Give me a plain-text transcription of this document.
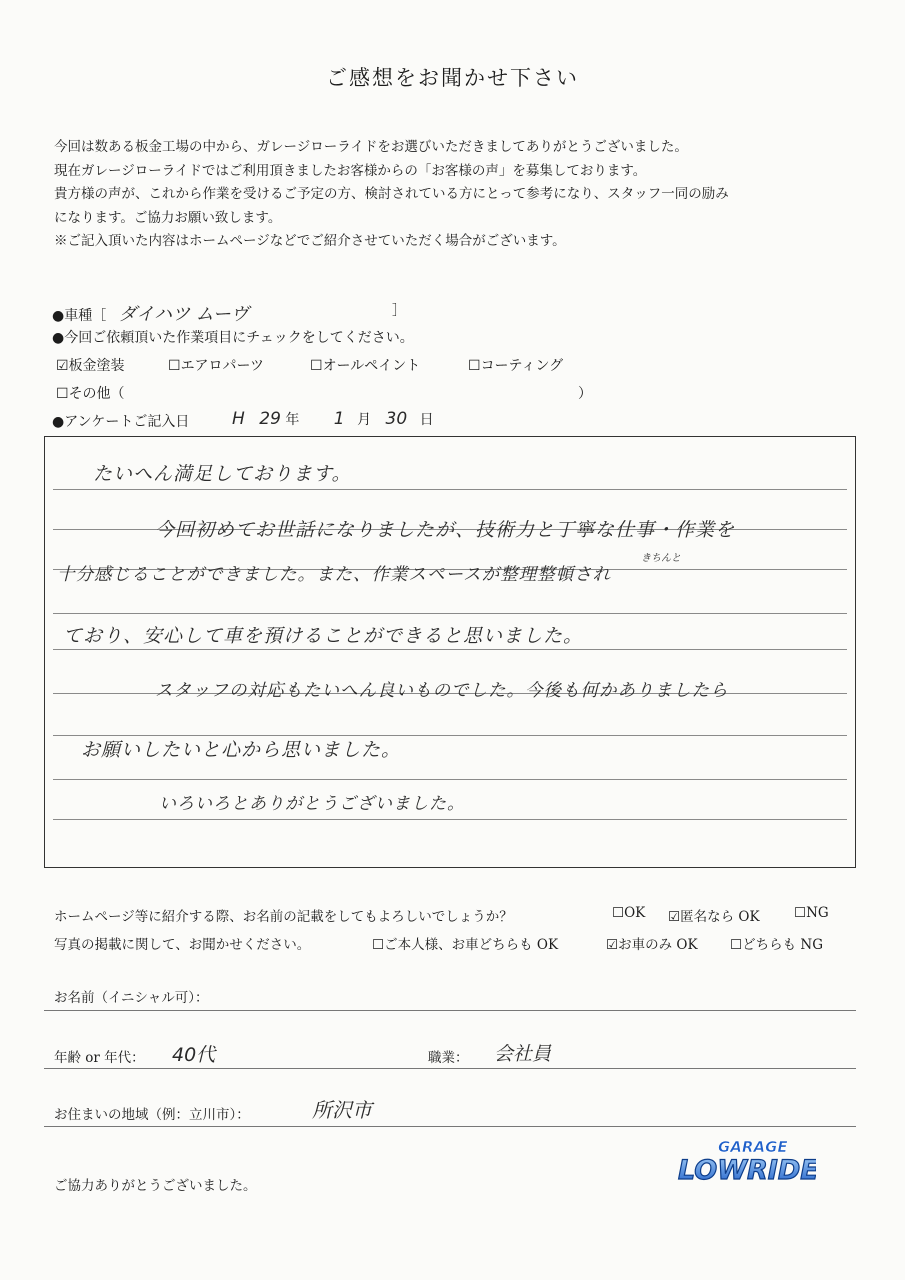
ご感想をお聞かせ下さい

今回は数ある板金工場の中から、ガレージローライドをお選びいただきましてありがとうございました。

現在ガレージローライドではご利用頂きましたお客様からの「お客様の声」を募集しております。

貴方様の声が、これから作業を受けるご予定の方、検討されている方にとって参考になり、スタッフ一同の励み

になります。ご協力お願い致します。

※ご記入頂いた内容はホームページなどでご紹介させていただく場合がございます。

●車種［ ダイハツ ムーヴ	］
●今回ご依頼頂いた作業項目にチェックをしてください。
☑板金塗装	☐エアロパーツ	☐オールペイント	☐コーティング
☐その他（	）
●アンケートご記入日	H 29 年 1 月 30 日
たいへん満足しております。
今回初めてお世話になりましたが、技術力と丁寧な仕事・作業を
十分感じることができました。また、作業スペースが整理整頓され
ており、安心して車を預けることができると思いました。
スタッフの対応もたいへん良いものでした。今後も何かありましたら
お願いしたいと心から思いました。
いろいろとありがとうございました。
きちんと
ホームページ等に紹介する際、お名前の記載をしてもよろしいでしょうか？	☐OK ☑匿名なら OK	☐NG
写真の掲載に関して、お聞かせください。	☐ご本人様、お車どちらも OK	☑お車のみ OK ☐どちらも NG
お名前（イニシャル可）：
年齢 or 年代： 40代	職業： 会社員
お住まいの地域（例：立川市）：	所沢市
ご協力ありがとうございました。
GARAGE
LOWRIDE
